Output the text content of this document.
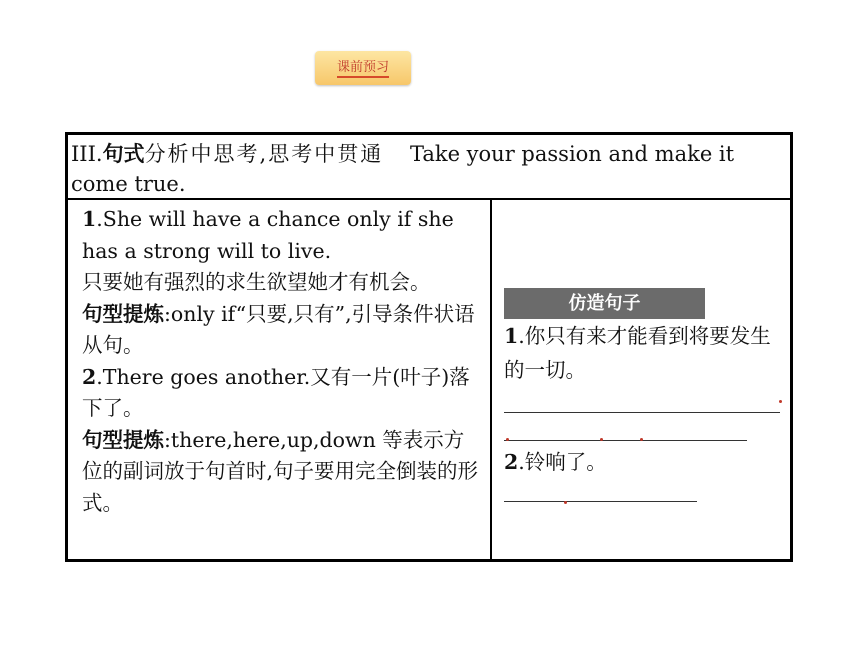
课前预习
III.句式分析中思考,思考中贯通 Take your passion and make it come true.

1.She will have a chance only if she has a strong will to live.

只要她有强烈的求生欲望她才有机会。

句型提炼:only if“只要,只有”,引导条件状语从句。

2.There goes another.又有一片(叶子)落下了。

句型提炼:there,here,up,down 等表示方位的副词放于句首时,句子要用完全倒装的形式。

仿造句子
1.你只有来才能看到将要发生的一切。
2.铃响了。
